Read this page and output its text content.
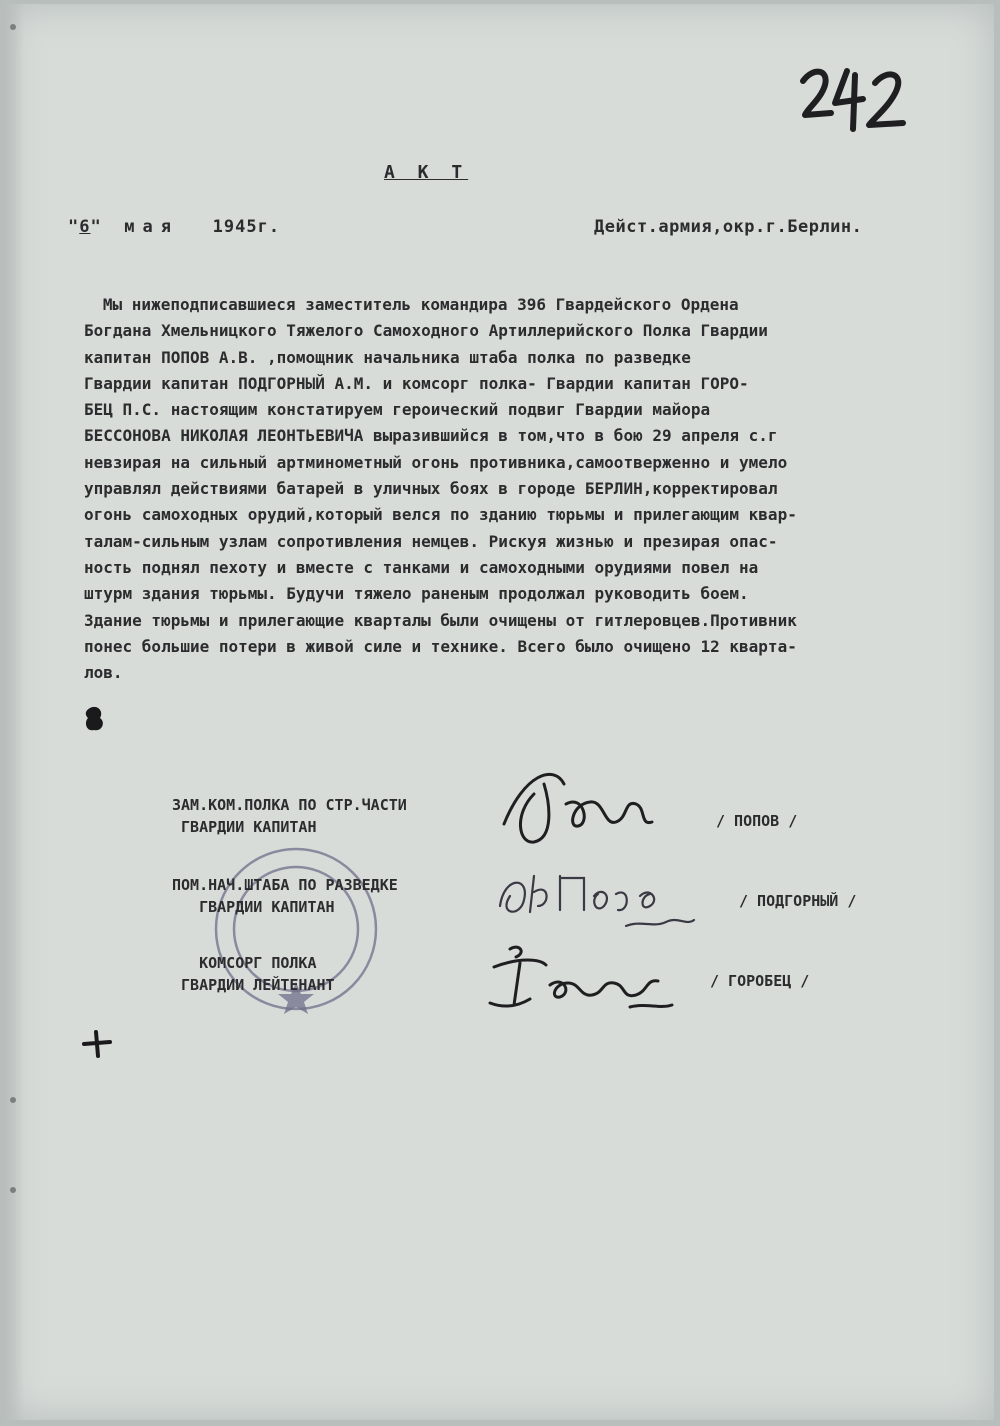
А К Т
"6" мая 1945г.	Дейст.армия,окр.г.Берлин.
Мы нижеподписавшиеся заместитель командира 396 Гвардейского Ордена
Богдана Хмельницкого Тяжелого Самоходного Артиллерийского Полка Гвардии
капитан ПОПОВ А.В. ,помощник начальника штаба полка по разведке
Гвардии капитан ПОДГОРНЫЙ А.М. и комсорг полка- Гвардии капитан ГОРО-
БЕЦ П.С. настоящим констатируем героический подвиг Гвардии майора
БЕССОНОВА НИКОЛАЯ ЛЕОНТЬЕВИЧА выразившийся в том,что в бою 29 апреля с.г
невзирая на сильный артминометный огонь противника,самоотверженно и умело
управлял действиями батарей в уличных боях в городе БЕРЛИН,корректировал
огонь самоходных орудий,который велся по зданию тюрьмы и прилегающим квар-
талам-сильным узлам сопротивления немцев. Рискуя жизнью и презирая опас-
ность поднял пехоту и вместе с танками и самоходными орудиями повел на
штурм здания тюрьмы. Будучи тяжело раненым продолжал руководить боем.
Здание тюрьмы и прилегающие кварталы были очищены от гитлеровцев.Противник
понес большие потери в живой силе и технике. Всего было очищено 12 кварта-
лов.
ЗАМ.КОМ.ПОЛКА ПО СТР.ЧАСТИ
ГВАРДИИ КАПИТАН	/ ПОПОВ /
ПОМ.НАЧ.ШТАБА ПО РАЗВЕДКЕ
ГВАРДИИ КАПИТАН	/ ПОДГОРНЫЙ /
КОМСОРГ ПОЛКА
ГВАРДИИ ЛЕЙТЕНАНТ	/ ГОРОБЕЦ /
